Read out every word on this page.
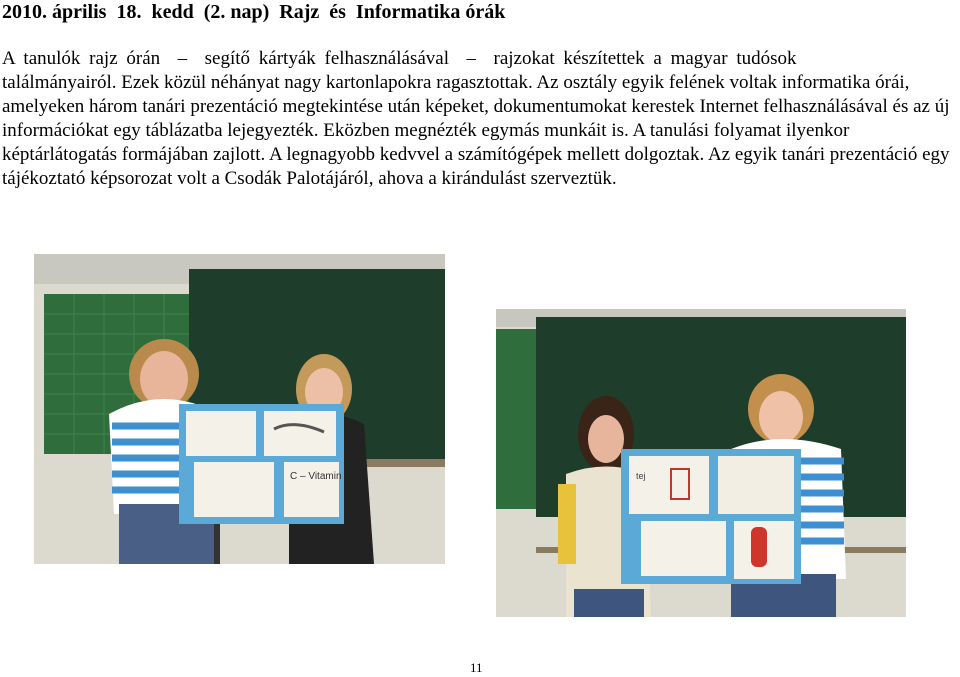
2010. április  18.  kedd  (2. nap)  Rajz  és  Informatika órák

A tanulók rajz órán  –  segítő kártyák felhasználásával  –  rajzokat készítettek a magyar tudósok
találmányairól. Ezek közül néhányat nagy kartonlapokra ragasztottak. Az osztály egyik felének voltak informatika órái, amelyeken három tanári prezentáció megtekintése után képeket, dokumentumokat kerestek Internet felhasználásával és az új információkat egy táblázatba lejegyezték. Eközben megnézték egymás munkáit is. A tanulási folyamat ilyenkor képtárlátogatás formájában zajlott. A legnagyobb kedvvel a számítógépek mellett dolgoztak. Az egyik tanári prezentáció egy tájékoztató képsorozat volt a Csodák Palotájáról, ahova a kirándulást szerveztük.

C – Vitamin	tej
11
